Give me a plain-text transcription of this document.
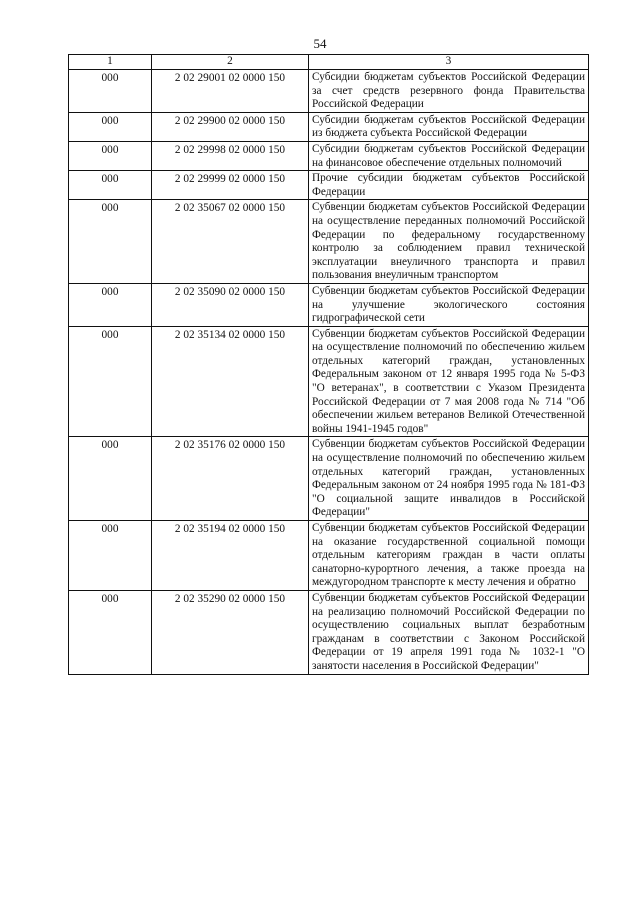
54
1	2	3
000	2 02 29001 02 0000 150	Субсидии бюджетам субъектов Российской Федерации за счет средств резервного фонда Правительства Российской Федерации
000	2 02 29900 02 0000 150	Субсидии бюджетам субъектов Российской Федерации из бюджета субъекта Российской Федерации
000	2 02 29998 02 0000 150	Субсидии бюджетам субъектов Российской Федерации на финансовое обеспечение отдельных полномочий
000	2 02 29999 02 0000 150	Прочие субсидии бюджетам субъектов Российской Федерации
000	2 02 35067 02 0000 150	Субвенции бюджетам субъектов Российской Федерации на осуществление переданных полномочий Российской Федерации по федеральному государственному контролю за соблюдением правил технической эксплуатации внеуличного транспорта и правил пользования внеуличным транспортом
000	2 02 35090 02 0000 150	Субвенции бюджетам субъектов Российской Федерации на улучшение экологического состояния гидрографической сети
000	2 02 35134 02 0000 150	Субвенции бюджетам субъектов Российской Федерации на осуществление полномочий по обеспечению жильем отдельных категорий граждан, установленных Федеральным законом от 12 января 1995 года № 5-ФЗ "О ветеранах", в соответствии с Указом Президента Российской Федерации от 7 мая 2008 года № 714 "Об обеспечении жильем ветеранов Великой Отечественной войны 1941-1945 годов"
000	2 02 35176 02 0000 150	Субвенции бюджетам субъектов Российской Федерации на осуществление полномочий по обеспечению жильем отдельных категорий граждан, установленных Федеральным законом от 24 ноября 1995 года № 181-ФЗ "О социальной защите инвалидов в Российской Федерации"
000	2 02 35194 02 0000 150	Субвенции бюджетам субъектов Российской Федерации на оказание государственной социальной помощи отдельным категориям граждан в части оплаты санаторно-курортного лечения, а также проезда на междугородном транспорте к месту лечения и обратно
000	2 02 35290 02 0000 150	Субвенции бюджетам субъектов Российской Федерации на реализацию полномочий Российской Федерации по осуществлению социальных выплат безработным гражданам в соответствии с Законом Российской Федерации от 19 апреля 1991 года № 1032-1 "О занятости населения в Российской Федерации"
